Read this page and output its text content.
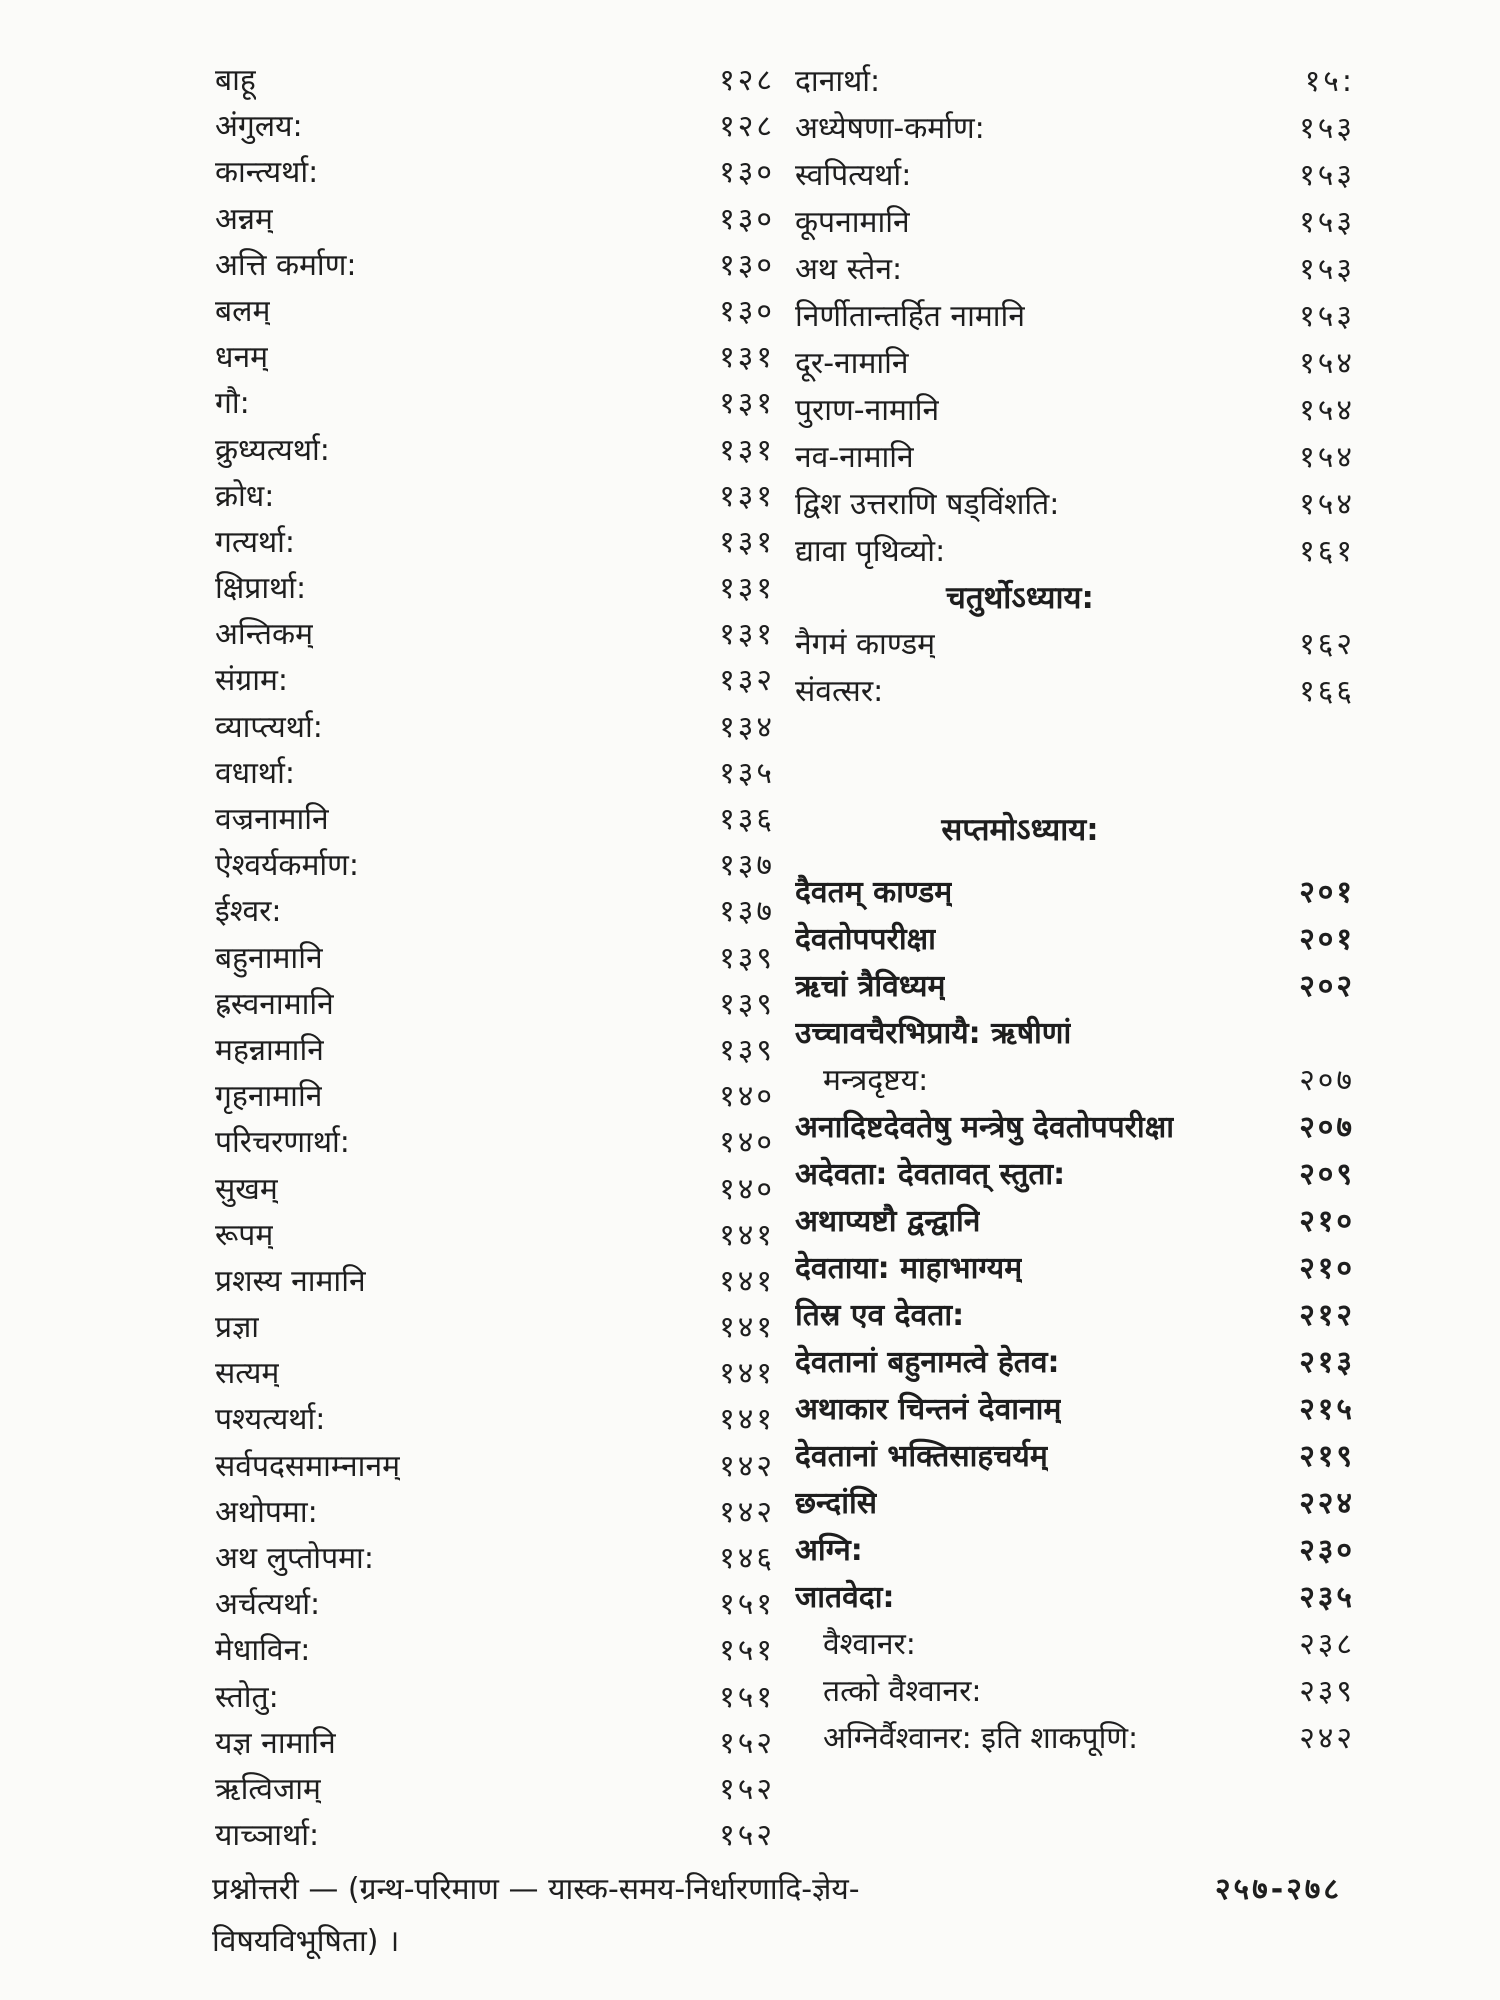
बाहू	१२८
अंगुलय:	१२८
कान्त्यर्था:	१३०
अन्नम्	१३०
अत्ति कर्माण:	१३०
बलम्	१३०
धनम्	१३१
गौ:	१३१
क्रुध्यत्यर्था:	१३१
क्रोध:	१३१
गत्यर्था:	१३१
क्षिप्रार्था:	१३१
अन्तिकम्	१३१
संग्राम:	१३२
व्याप्त्यर्था:	१३४
वधार्था:	१३५
वज्रनामानि	१३६
ऐश्वर्यकर्माण:	१३७
ईश्वर:	१३७
बहुनामानि	१३९
ह्रस्वनामानि	१३९
महन्नामानि	१३९
गृहनामानि	१४०
परिचरणार्था:	१४०
सुखम्	१४०
रूपम्	१४१
प्रशस्य नामानि	१४१
प्रज्ञा	१४१
सत्यम्	१४१
पश्यत्यर्था:	१४१
सर्वपदसमाम्नानम्	१४२
अथोपमा:	१४२
अथ लुप्तोपमा:	१४६
अर्चत्यर्था:	१५१
मेधाविन:	१५१
स्तोतु:	१५१
यज्ञ नामानि	१५२
ऋत्विजाम्	१५२
याच्ञार्था:	१५२
दानार्था:	१५:
अध्येषणा-कर्माण:	१५३
स्वपित्यर्था:	१५३
कूपनामानि	१५३
अथ स्तेन:	१५३
निर्णीतान्तर्हित नामानि	१५३
दूर-नामानि	१५४
पुराण-नामानि	१५४
नव-नामानि	१५४
द्विश उत्तराणि षड्विंशति:	१५४
द्यावा पृथिव्यो:	१६१
चतुर्थोऽध्याय:
नैगमं काण्डम्	१६२
संवत्सर:	१६६
सप्तमोऽध्याय:
दैवतम् काण्डम्	२०१
देवतोपपरीक्षा	२०१
ऋचां त्रैविध्यम्	२०२
उच्चावचैरभिप्रायै: ऋषीणां
मन्त्रदृष्टय:	२०७
अनादिष्टदेवतेषु मन्त्रेषु देवतोपपरीक्षा	२०७
अदेवता: देवतावत् स्तुता:	२०९
अथाप्यष्टौ द्वन्द्वानि	२१०
देवताया: माहाभाग्यम्	२१०
तिस्र एव देवता:	२१२
देवतानां बहुनामत्वे हेतव:	२१३
अथाकार चिन्तनं देवानाम्	२१५
देवतानां भक्तिसाहचर्यम्	२१९
छन्दांसि	२२४
अग्नि:	२३०
जातवेदा:	२३५
वैश्वानर:	२३८
तत्को वैश्वानर:	२३९
अग्निर्वैश्वानर: इति शाकपूणि:	२४२
प्रश्नोत्तरी — (ग्रन्थ-परिमाण — यास्क-समय-निर्धारणादि-ज्ञेय-	२५७-२७८
विषयविभूषिता) ।
